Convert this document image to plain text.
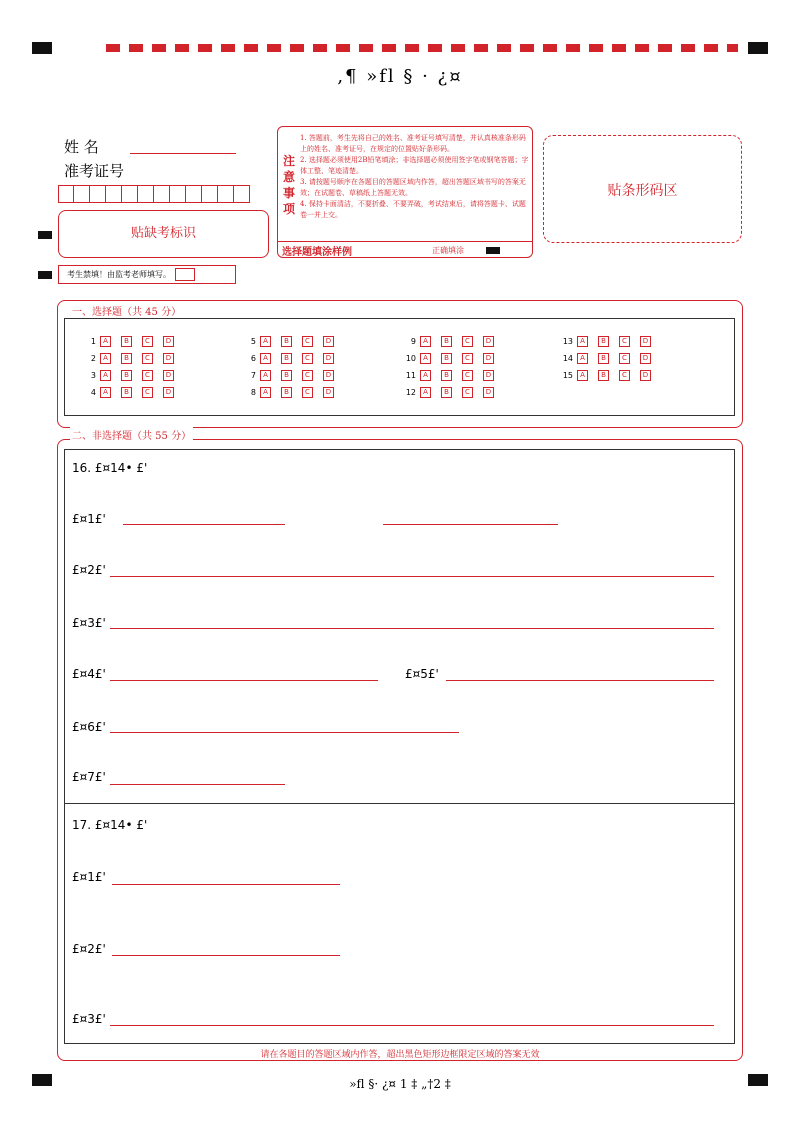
,¶ »fl § · ¿¤
姓 名
准考证号
贴缺考标识
注意事项
1. 答题前，考生先将自己的姓名、准考证号填写清楚，并认真核准条形码上的姓名、准考证号，在规定的位置贴好条形码。
2. 选择题必须使用2B铅笔填涂；非选择题必须使用签字笔或钢笔答题；字体工整、笔迹清楚。
3. 请按题号顺序在各题目的答题区域内作答，超出答题区域书写的答案无效；在试题卷、草稿纸上答题无效。
4. 保持卡面清洁，不要折叠、不要弄破，考试结束后，请将答题卡、试题卷一并上交。
选择题填涂样例	正确填涂
贴条形码区
考生禁填！由监考老师填写。
一、选择题（共 45 分）
1	A	B	C	D
2	A	B	C	D
3	A	B	C	D
4	A	B	C	D
5	A	B	C	D
6	A	B	C	D
7	A	B	C	D
8	A	B	C	D
9	A	B	C	D
10	A	B	C	D
11	A	B	C	D
12	A	B	C	D
13	A	B	C	D
14	A	B	C	D
15	A	B	C	D
二、非选择题（共 55 分）
16. £¤14• £'
£¤1£'
£¤2£'
£¤3£'
£¤4£'	£¤5£'
£¤6£'
£¤7£'
17. £¤14• £'
£¤1£'
£¤2£'
£¤3£'
请在各题目的答题区域内作答，超出黑色矩形边框限定区域的答案无效
»fl §· ¿¤ 1 ‡ „†2 ‡
